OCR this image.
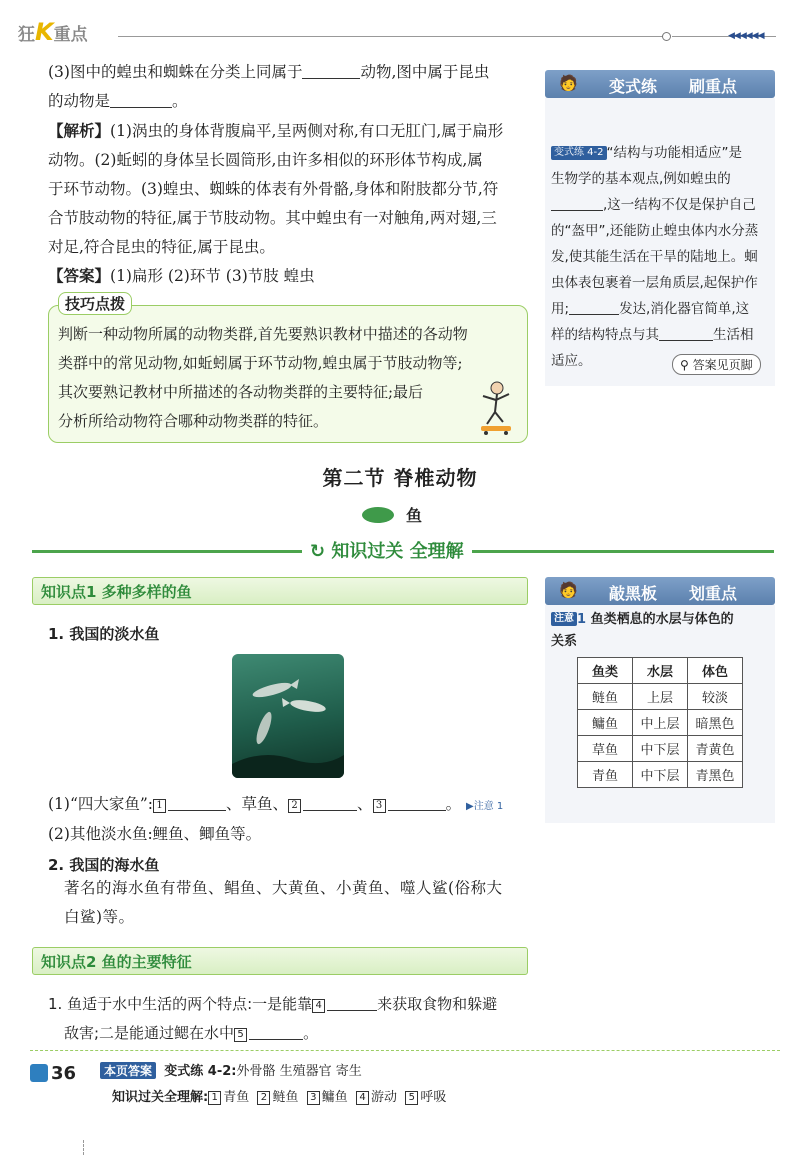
狂K重点	◀◀◀◀◀◀
(3)图中的蝗虫和蜘蛛在分类上同属于	动物,图中属于昆虫
的动物是	。
【解析】(1)涡虫的身体背腹扁平,呈两侧对称,有口无肛门,属于扁形
动物。(2)蚯蚓的身体呈长圆筒形,由许多相似的环形体节构成,属
于环节动物。(3)蝗虫、蜘蛛的体表有外骨骼,身体和附肢都分节,符
合节肢动物的特征,属于节肢动物。其中蝗虫有一对触角,两对翅,三
对足,符合昆虫的特征,属于昆虫。
【答案】(1)扁形 (2)环节 (3)节肢 蝗虫
技巧点拨
判断一种动物所属的动物类群,首先要熟识教材中描述的各动物
类群中的常见动物,如蚯蚓属于环节动物,蝗虫属于节肢动物等;
其次要熟记教材中所描述的各动物类群的主要特征;最后
分析所给动物符合哪种动物类群的特征。
🧑 变式练 刷重点
变式练 4-2 “结构与功能相适应”是
生物学的基本观点,例如蝗虫的
,这一结构不仅是保护自己
的“盔甲”,还能防止蝗虫体内水分蒸
发,使其能生活在干旱的陆地上。蛔
虫体表包裹着一层角质层,起保护作
用;	发达,消化器官简单,这
样的结构特点与其	生活相
适应。	⚲ 答案见页脚
第二节 脊椎动物
鱼
↻ 知识过关 全理解
知识点1 多种多样的鱼
1. 我国的淡水鱼
(1)“四大家鱼”: 1	、草鱼、 2	、 3	。 ▶注意 1
(2)其他淡水鱼:鲤鱼、鲫鱼等。
2. 我国的海水鱼
著名的海水鱼有带鱼、鲳鱼、大黄鱼、小黄鱼、噬人鲨(俗称大
白鲨)等。
🧑 敲黑板 划重点
注意 1 鱼类栖息的水层与体色的
关系
鱼类	水层	体色
鲢鱼	上层	较淡
鳙鱼	中上层	暗黑色
草鱼	中下层	青黄色
青鱼	中下层	青黑色
知识点2 鱼的主要特征
1. 鱼适于水中生活的两个特点:一是能靠 4	来获取食物和躲避
敌害;二是能通过鳃在水中 5	。
36	本页答案 变式练 4-2:外骨骼 生殖器官 寄生
知识过关全理解: 1 青鱼 2 鲢鱼 3 鳙鱼 4 游动 5 呼吸
